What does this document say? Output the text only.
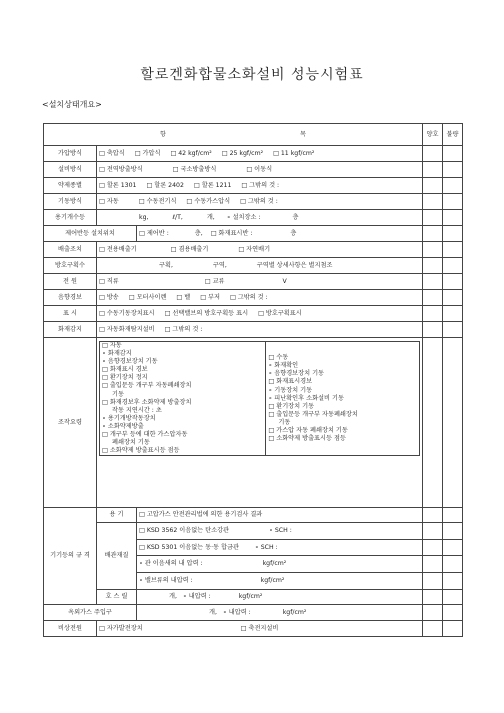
할로겐화합물소화설비 성능시험표
<설치상태개요>
항	목	양호	불량
가압방식	□ 축압식 □ 가압식 □ 42 kgf/cm² □ 25 kgf/cm² □ 11 kgf/cm²		
설비방식	□ 전역방출방식	□ 국소방출방식	□ 이동식		
약제종별	□ 할론 1301 □ 할론 2402 □ 할론 1211 □ 그밖의 것 :		
기동방식	□ 자동	□ 수동전기식 □ 수동가스압식 □ 그밖의 것 :		
용기개수등	kg,	ℓ/T,	개, ∘ 설치장소 :	층		
제어반등 설치위치	□ 제어반 :	층, □ 화재표시반 :	층		
배출조치	□ 전용배출기	□ 겸용배출기	□ 자연배기		
방호구획수	구획,	구역,	구역별 상세사항은 별지첨조		
전 원	□ 직류	□ 교류	V		
음향경보	□ 방송 □ 모터사이렌 □ 벨 □ 부저 □ 그밖의 것 :		
표 시	□ 수동기동장치표시 □ 선택밸브의 방호구획등 표시 □ 방호구획표시		
화재감지	□ 자동화재탐지설비 □ 그밖의 것 :		
조작요령	
□ 자동
∘ 화재감지
∘ 음향경보장치 기동
□ 화재표시 경보
□ 환기장치 정지
□ 출입문등 개구부 자동폐쇄장치
기동
□ 화재경보후 소화약제 방출장치
작동 지연시간 : 초
∘ 용기개방작동장치
∘ 소화약제방출
□ 개구부 등에 대한 가스압자동
폐쇄장치 기동
□ 소화약제 방출표시등 점등

□ 수동
∘ 화재확인
∘ 음향경보장치 기동
□ 화재표시경보
∘ 기동장치 기동
∘ 피난확인후 소화설비 기동
□ 환기장치 기동
□ 출입문등 개구부 자동폐쇄장치
기동
□ 가스압 자동 폐쇄장치 기동
□ 소화약제 방출표시등 점등

기기등의 규 격	용 기	□ 고압가스 안전관리법에 의한 용기검사 결과		
배관재질	□ KSD 3562 이음없는 탄소강관	∘ SCH :		
□ KSD 5301 이음없는 동·동 합금관	∘ SCH :		
∘ 관 이음새의 내 압력 :	kgf/cm²		
∘ 밸브류의 내압력 :	kgf/cm²		
호 스 릴	개, ∘ 내압력 :	kgf/cm²		
옥외가스 주입구	개, ∘ 내압력 :	kgf/cm²		
비상전원	□ 자가발전장치	□ 축전지설비		
